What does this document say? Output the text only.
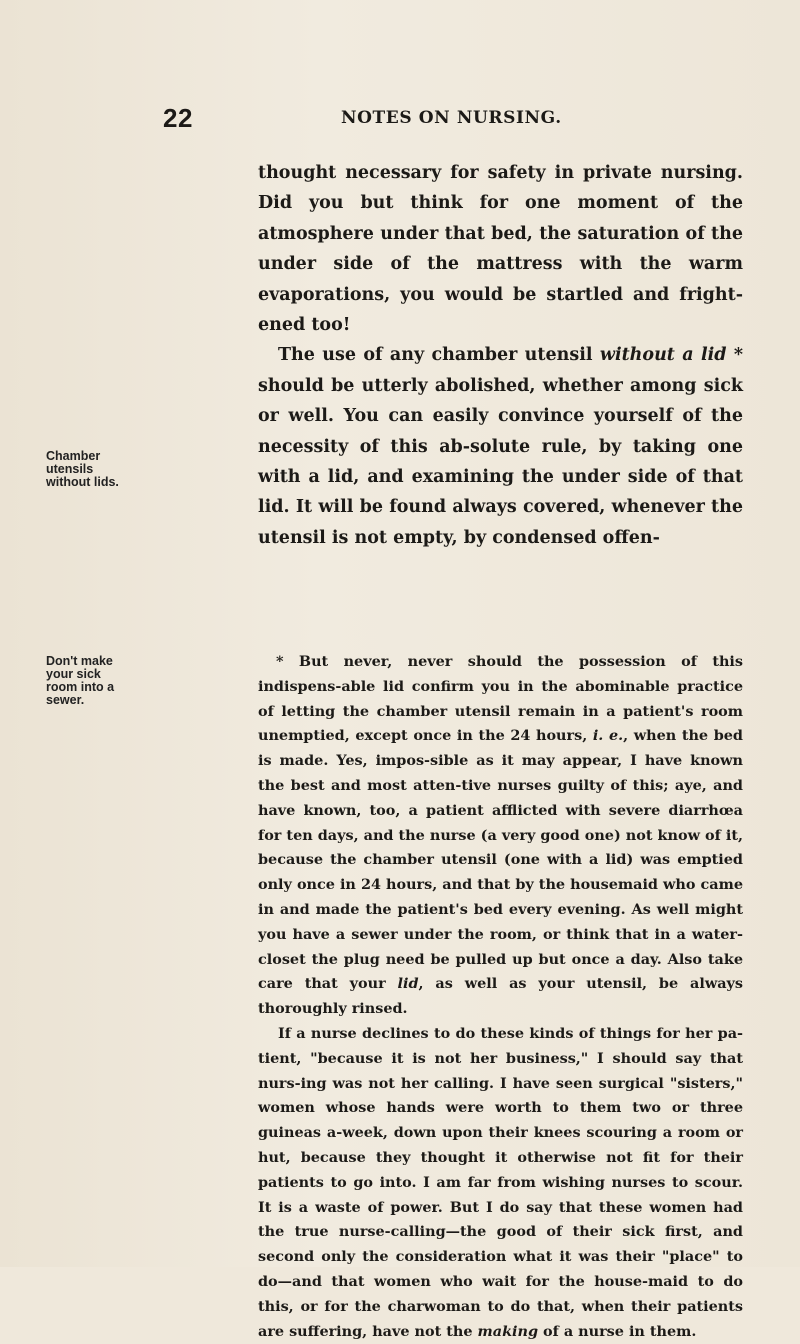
22	NOTES ON NURSING.
Chamber
utensils
without lids.
Don't make
your sick
room into a
sewer.

thought necessary for safety in private nursing. Did you but think for one moment of the atmosphere under that bed, the saturation of the under side of the mattress with the warm evaporations, you would be startled and fright-ened too!

The use of any chamber utensil without a lid * should be utterly abolished, whether among sick or well. You can easily convince yourself of the necessity of this ab-solute rule, by taking one with a lid, and examining the under side of that lid. It will be found always covered, whenever the utensil is not empty, by condensed offen-

* But never, never should the possession of this indispens-able lid confirm you in the abominable practice of letting the chamber utensil remain in a patient's room unemptied, except once in the 24 hours, i. e., when the bed is made. Yes, impos-sible as it may appear, I have known the best and most atten-tive nurses guilty of this; aye, and have known, too, a patient afflicted with severe diarrhœa for ten days, and the nurse (a very good one) not know of it, because the chamber utensil (one with a lid) was emptied only once in 24 hours, and that by the housemaid who came in and made the patient's bed every evening. As well might you have a sewer under the room, or think that in a water-closet the plug need be pulled up but once a day. Also take care that your lid, as well as your utensil, be always thoroughly rinsed.

If a nurse declines to do these kinds of things for her pa-tient, "because it is not her business," I should say that nurs-ing was not her calling. I have seen surgical "sisters," women whose hands were worth to them two or three guineas a-week, down upon their knees scouring a room or hut, because they thought it otherwise not fit for their patients to go into. I am far from wishing nurses to scour. It is a waste of power. But I do say that these women had the true nurse-calling—the good of their sick first, and second only the consideration what it was their "place" to do—and that women who wait for the house-maid to do this, or for the charwoman to do that, when their patients are suffering, have not the making of a nurse in them.
